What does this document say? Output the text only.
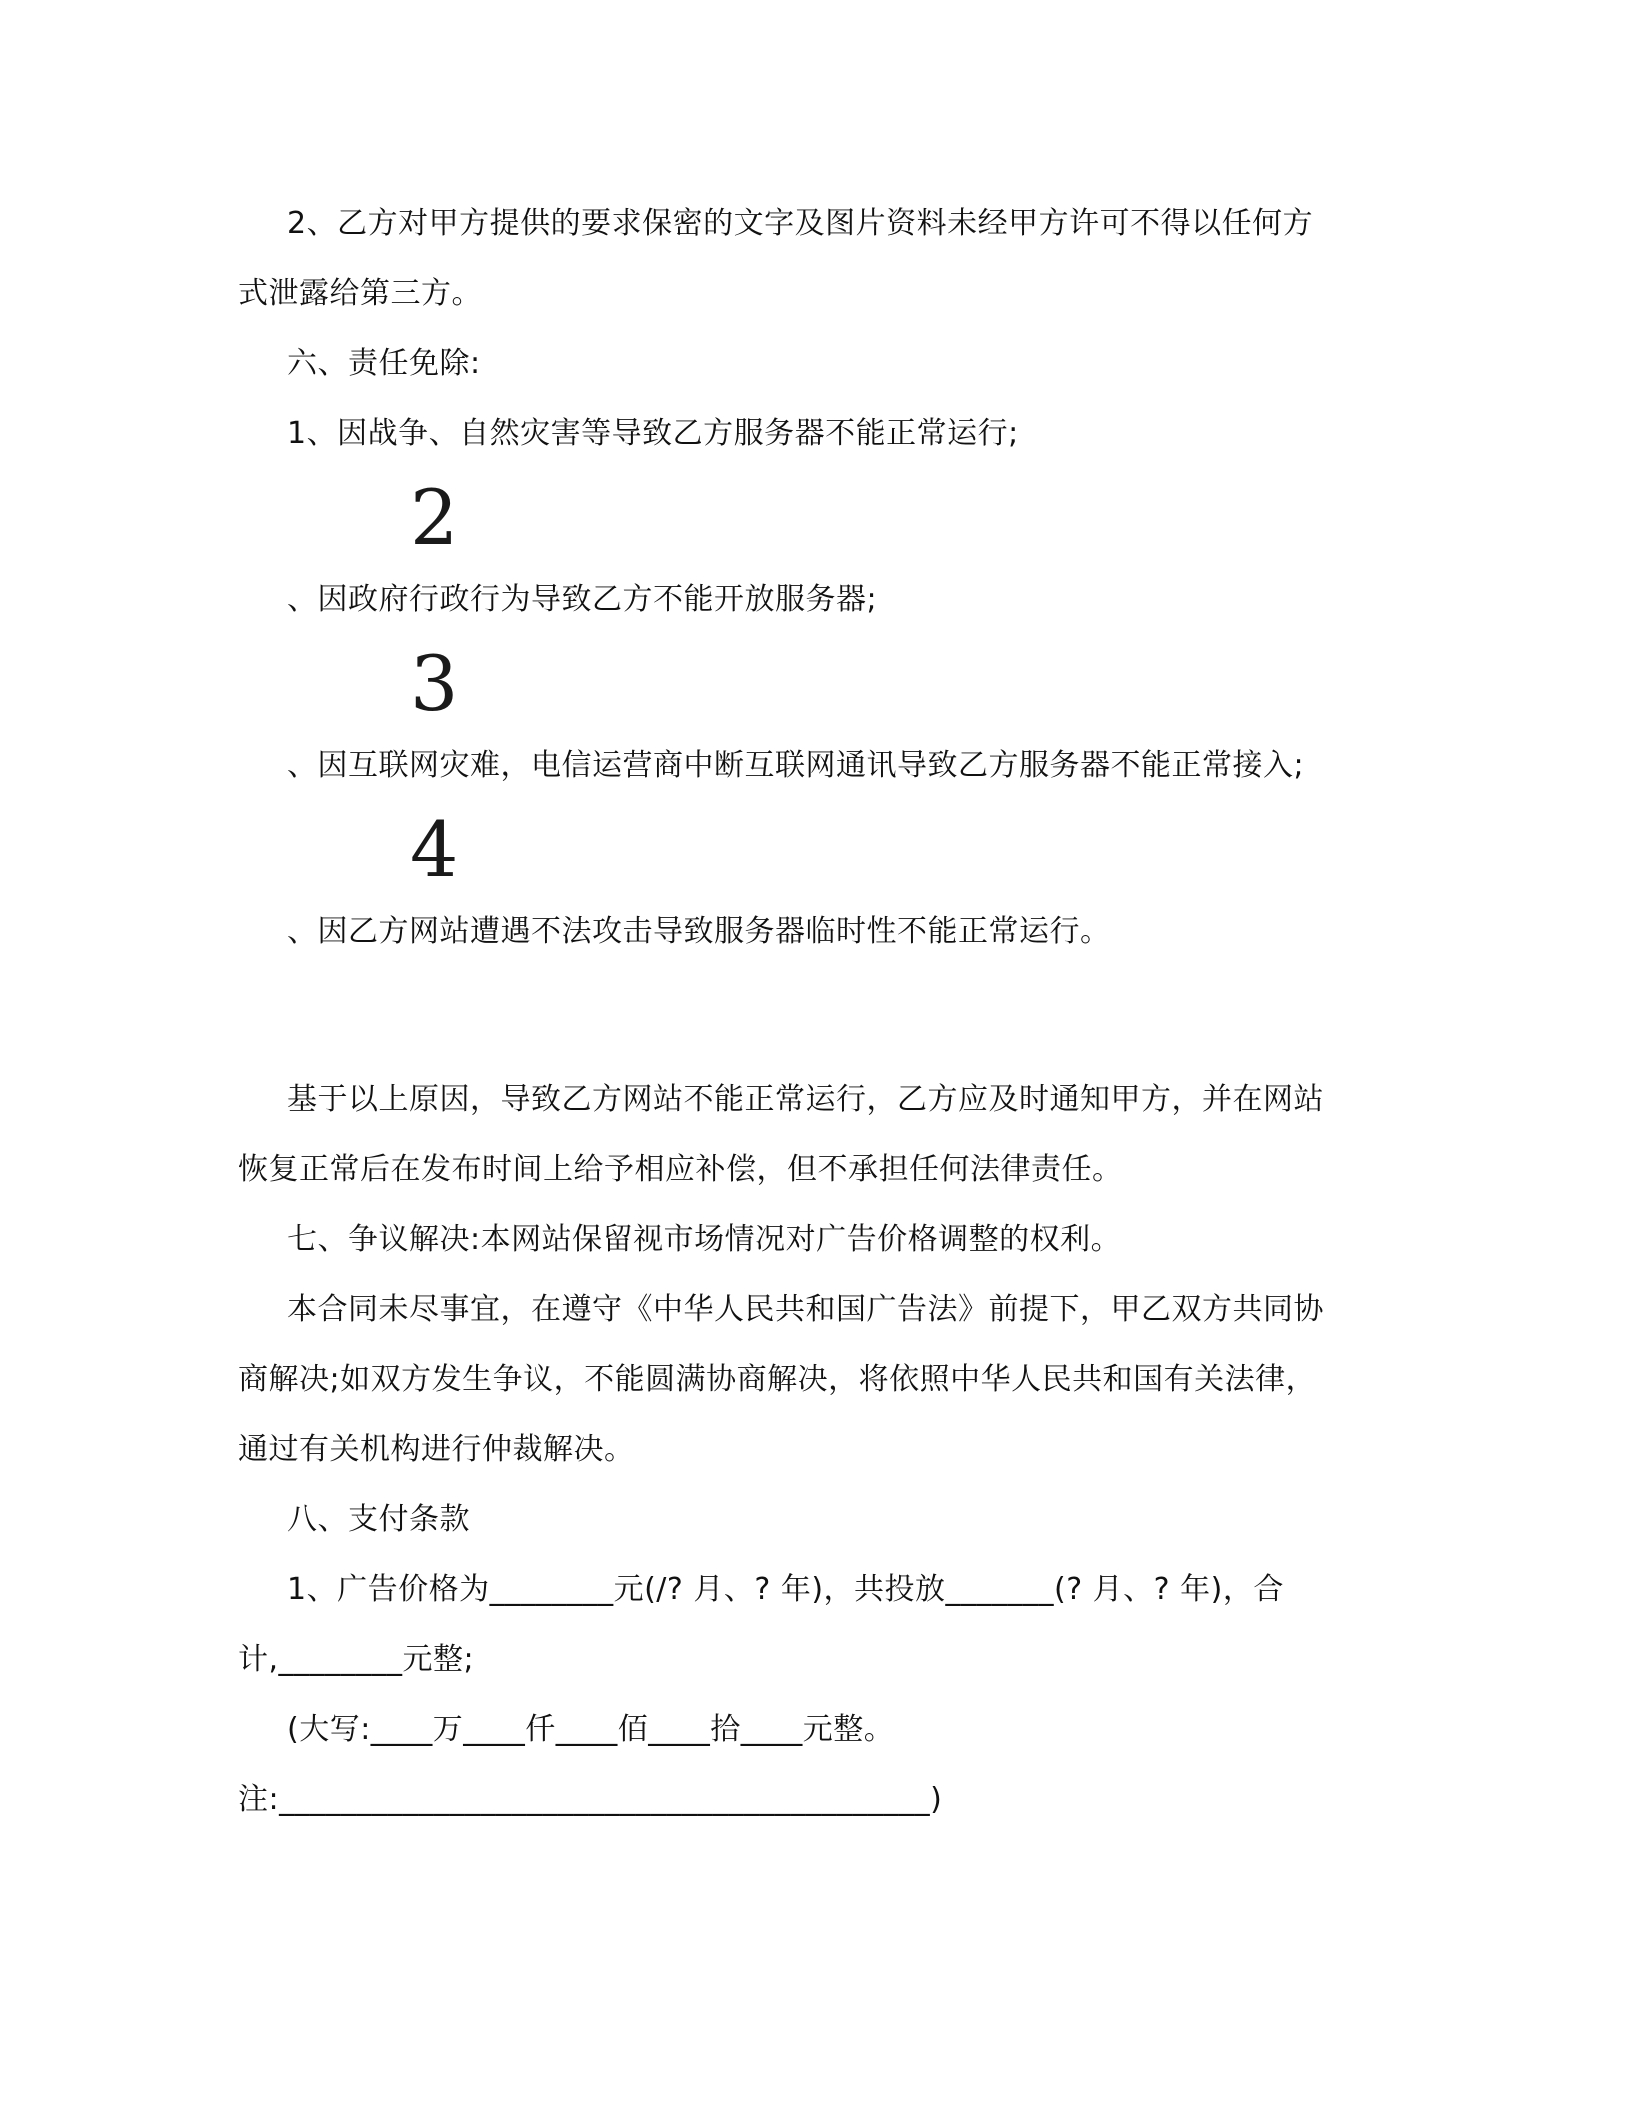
2、乙方对甲方提供的要求保密的文字及图片资料未经甲方许可不得以任何方
式泄露给第三方。
六、责任免除:
1、因战争、自然灾害等导致乙方服务器不能正常运行;
2
、因政府行政行为导致乙方不能开放服务器;
3
、因互联网灾难，电信运营商中断互联网通讯导致乙方服务器不能正常接入;
4
、因乙方网站遭遇不法攻击导致服务器临时性不能正常运行。
基于以上原因，导致乙方网站不能正常运行，乙方应及时通知甲方，并在网站
恢复正常后在发布时间上给予相应补偿，但不承担任何法律责任。
七、争议解决:本网站保留视市场情况对广告价格调整的权利。
本合同未尽事宜，在遵守《中华人民共和国广告法》前提下，甲乙双方共同协
商解决;如双方发生争议，不能圆满协商解决，将依照中华人民共和国有关法律，
通过有关机构进行仲裁解决。
八、支付条款
1、广告价格为________元(/? 月、? 年)，共投放_______(? 月、? 年)，合
计,________元整;
(大写:____万____仟____佰____拾____元整。
注:__________________________________________)
